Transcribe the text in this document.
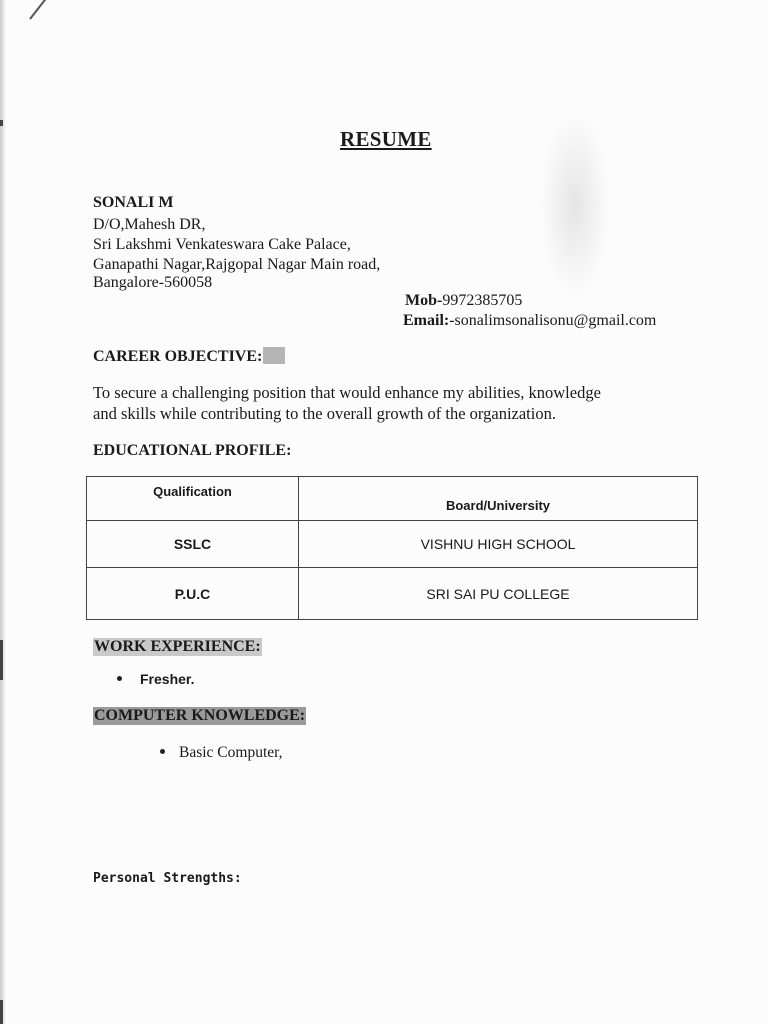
RESUME
SONALI M
D/O,Mahesh DR,
Sri Lakshmi Venkateswara Cake Palace,
Ganapathi Nagar,Rajgopal Nagar Main road,
Bangalore-560058
Mob-9972385705
Email:-sonalimsonalisonu@gmail.com
CAREER OBJECTIVE:
To secure a challenging position that would enhance my abilities, knowledge
and skills while contributing to the overall growth of the organization.
EDUCATIONAL PROFILE:
Qualification	Board/University

SSLC	VISHNU HIGH SCHOOL
P.U.C	SRI SAI PU COLLEGE
WORK EXPERIENCE:
Fresher.
COMPUTER KNOWLEDGE:
Basic Computer,
Personal Strengths:
